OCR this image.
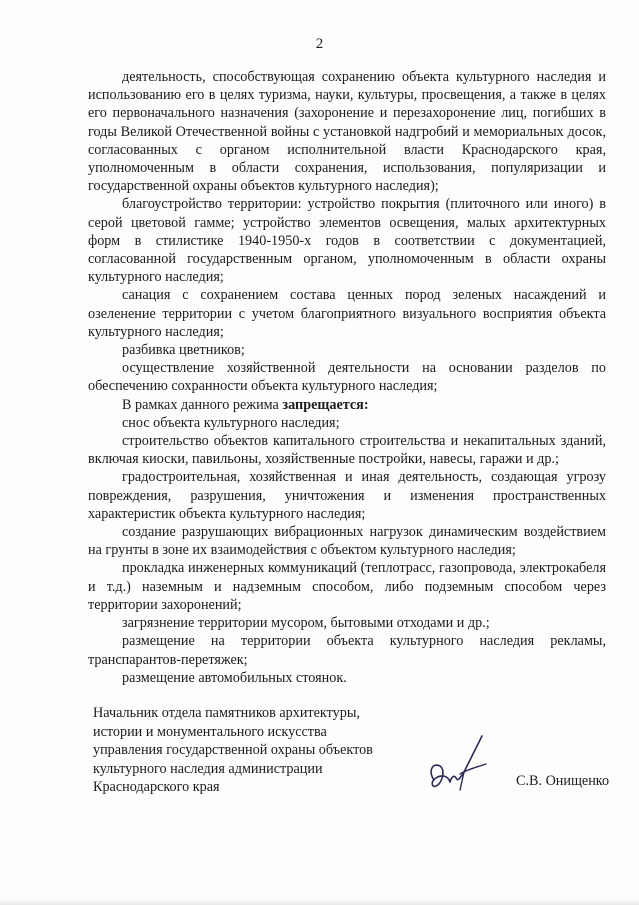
2

деятельность, способствующая сохранению объекта культурного наследия и использованию его в целях туризма, науки, культуры, просвещения, а также в целях его первоначального назначения (захоронение и перезахоронение лиц, погибших в годы Великой Отечественной войны с установкой надгробий и мемориальных досок, согласованных с органом исполнительной власти Краснодарского края, уполномоченным в области сохранения, использования, популяризации и государственной охраны объектов культурного наследия);

благоустройство территории: устройство покрытия (плиточного или иного) в серой цветовой гамме; устройство элементов освещения, малых архитектурных форм в стилистике 1940-1950-х годов в соответствии с документацией, согласованной государственным органом, уполномоченным в области охраны культурного наследия;

санация с сохранением состава ценных пород зеленых насаждений и озеленение территории с учетом благоприятного визуального восприятия объекта культурного наследия;

разбивка цветников;

осуществление хозяйственной деятельности на основании разделов по обеспечению сохранности объекта культурного наследия;

В рамках данного режима запрещается:

снос объекта культурного наследия;

строительство объектов капитального строительства и некапитальных зданий, включая киоски, павильоны, хозяйственные постройки, навесы, гаражи и др.;

градостроительная, хозяйственная и иная деятельность, создающая угрозу повреждения, разрушения, уничтожения и изменения пространственных характеристик объекта культурного наследия;

создание разрушающих вибрационных нагрузок динамическим воздействием на грунты в зоне их взаимодействия с объектом культурного наследия;

прокладка инженерных коммуникаций (теплотрасс, газопровода, электрокабеля и т.д.) наземным и надземным способом, либо подземным способом через территории захоронений;

загрязнение территории мусором, бытовыми отходами и др.;

размещение на территории объекта культурного наследия рекламы, транспарантов-перетяжек;

размещение автомобильных стоянок.

Начальник отдела памятников архитектуры,
истории и монументального искусства
управления государственной охраны объектов
культурного наследия администрации
Краснодарского края	С.В. Онищенко
